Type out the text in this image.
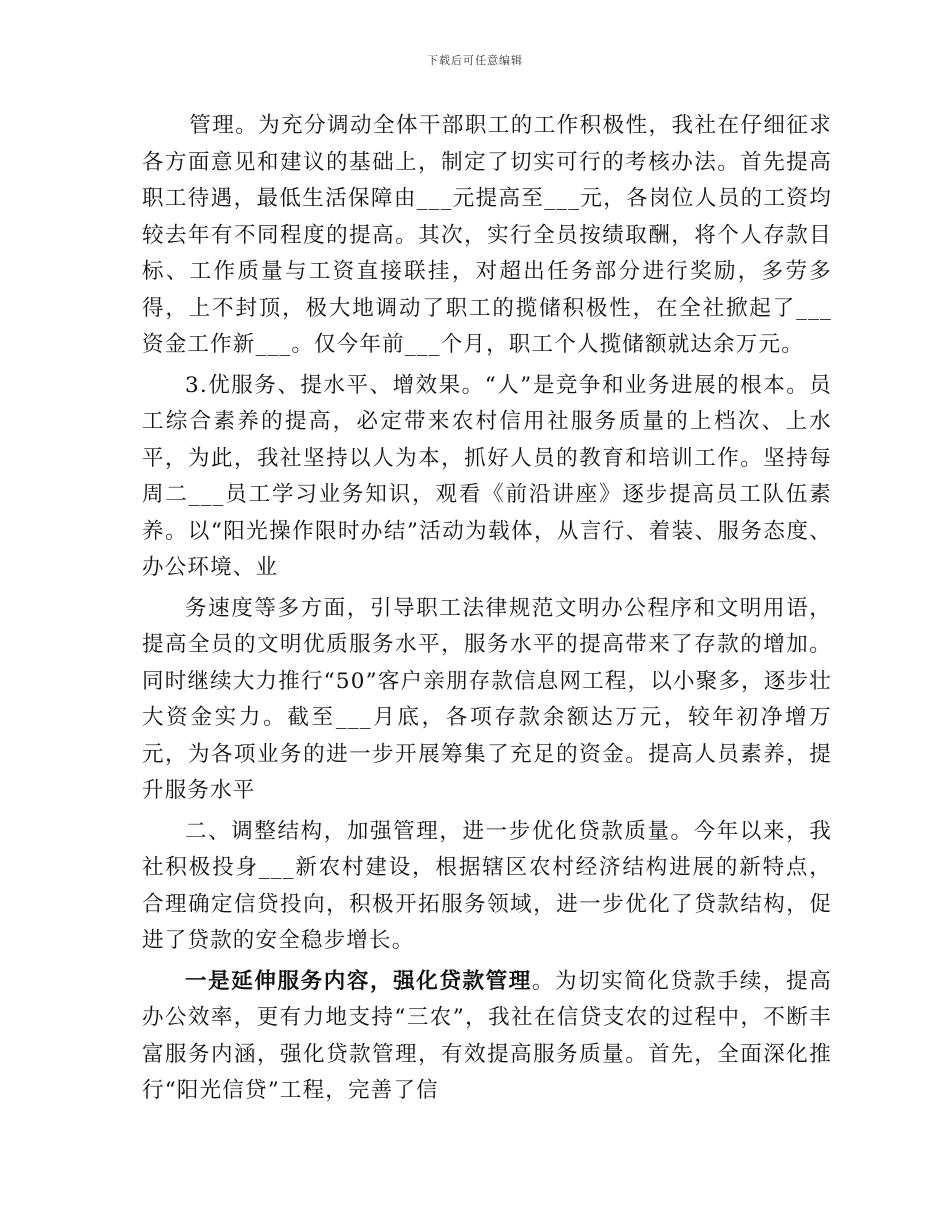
下载后可任意编辑

管理。为充分调动全体干部职工的工作积极性，我社在仔细征求各方面意见和建议的基础上，制定了切实可行的考核办法。首先提高职工待遇，最低生活保障由___元提高至___元，各岗位人员的工资均较去年有不同程度的提高。其次，实行全员按绩取酬，将个人存款目标、工作质量与工资直接联挂，对超出任务部分进行奖励，多劳多得，上不封顶，极大地调动了职工的揽储积极性，在全社掀起了___资金工作新___。仅今年前___个月，职工个人揽储额就达余万元。

3.优服务、提水平、增效果。“人”是竞争和业务进展的根本。员工综合素养的提高，必定带来农村信用社服务质量的上档次、上水平，为此，我社坚持以人为本，抓好人员的教育和培训工作。坚持每周二___员工学习业务知识，观看《前沿讲座》逐步提高员工队伍素养。以“阳光操作限时办结”活动为载体，从言行、着装、服务态度、办公环境、业

务速度等多方面，引导职工法律规范文明办公程序和文明用语，提高全员的文明优质服务水平，服务水平的提高带来了存款的增加。同时继续大力推行“50”客户亲朋存款信息网工程，以小聚多，逐步壮大资金实力。截至___月底，各项存款余额达万元，较年初净增万元，为各项业务的进一步开展筹集了充足的资金。提高人员素养，提升服务水平

二、调整结构，加强管理，进一步优化贷款质量。今年以来，我社积极投身___新农村建设，根据辖区农村经济结构进展的新特点，合理确定信贷投向，积极开拓服务领域，进一步优化了贷款结构，促进了贷款的安全稳步增长。

一是延伸服务内容，强化贷款管理。为切实简化贷款手续，提高办公效率，更有力地支持“三农”，我社在信贷支农的过程中，不断丰富服务内涵，强化贷款管理，有效提高服务质量。首先，全面深化推行“阳光信贷”工程，完善了信
